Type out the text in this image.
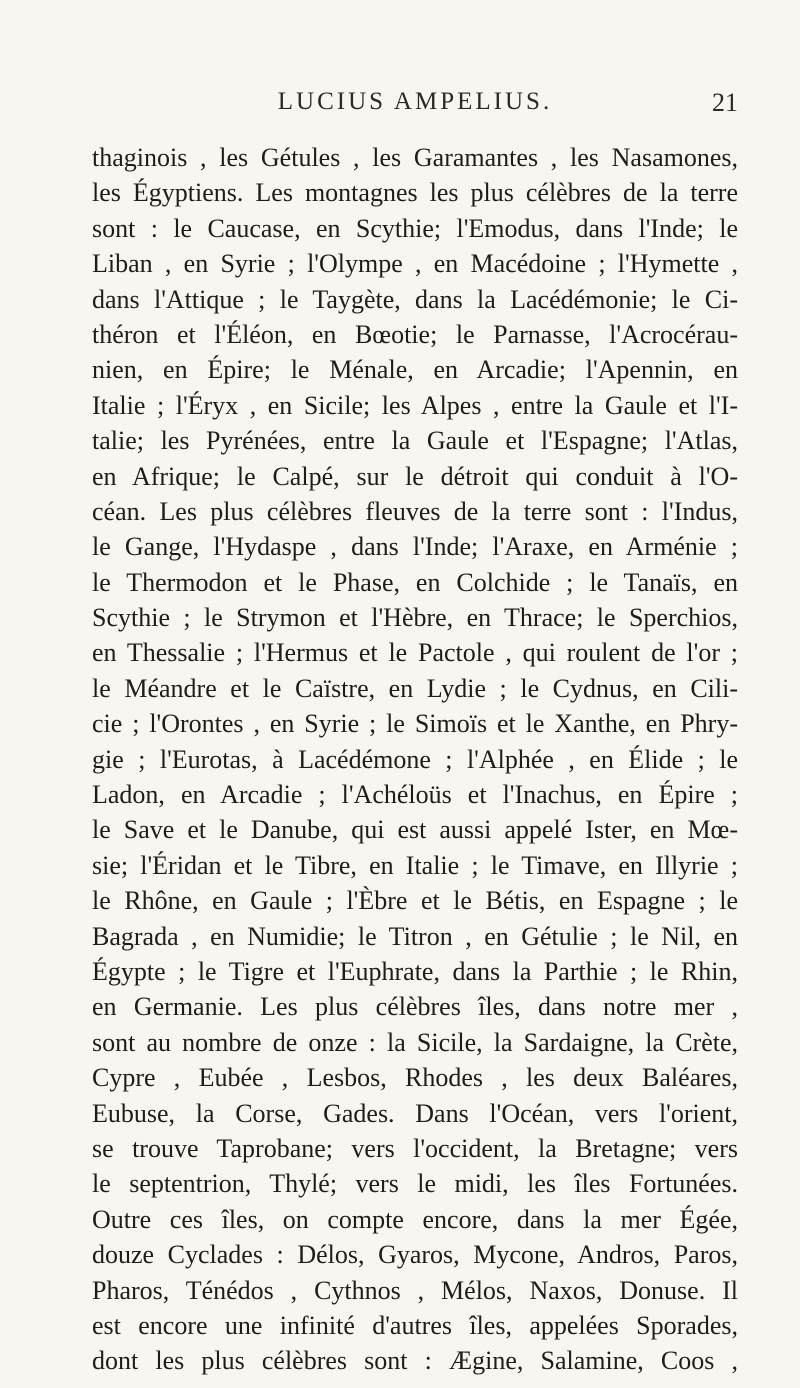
LUCIUS AMPELIUS.	21
thaginois , les Gétules , les Garamantes , les Nasamones,
les Égyptiens. Les montagnes les plus célèbres de la terre
sont : le Caucase, en Scythie; l'Emodus, dans l'Inde; le
Liban , en Syrie ; l'Olympe , en Macédoine ; l'Hymette ,
dans l'Attique ; le Taygète, dans la Lacédémonie; le Ci-
théron et l'Éléon, en Bœotie; le Parnasse, l'Acrocérau-
nien, en Épire; le Ménale, en Arcadie; l'Apennin, en
Italie ; l'Éryx , en Sicile; les Alpes , entre la Gaule et l'I-
talie; les Pyrénées, entre la Gaule et l'Espagne; l'Atlas,
en Afrique; le Calpé, sur le détroit qui conduit à l'O-
céan. Les plus célèbres fleuves de la terre sont : l'Indus,
le Gange, l'Hydaspe , dans l'Inde; l'Araxe, en Arménie ;
le Thermodon et le Phase, en Colchide ; le Tanaïs, en
Scythie ; le Strymon et l'Hèbre, en Thrace; le Sperchios,
en Thessalie ; l'Hermus et le Pactole , qui roulent de l'or ;
le Méandre et le Caïstre, en Lydie ; le Cydnus, en Cili-
cie ; l'Orontes , en Syrie ; le Simoïs et le Xanthe, en Phry-
gie ; l'Eurotas, à Lacédémone ; l'Alphée , en Élide ; le
Ladon, en Arcadie ; l'Achéloüs et l'Inachus, en Épire ;
le Save et le Danube, qui est aussi appelé Ister, en Mœ-
sie; l'Éridan et le Tibre, en Italie ; le Timave, en Illyrie ;
le Rhône, en Gaule ; l'Èbre et le Bétis, en Espagne ; le
Bagrada , en Numidie; le Titron , en Gétulie ; le Nil, en
Égypte ; le Tigre et l'Euphrate, dans la Parthie ; le Rhin,
en Germanie. Les plus célèbres îles, dans notre mer ,
sont au nombre de onze : la Sicile, la Sardaigne, la Crète,
Cypre , Eubée , Lesbos, Rhodes , les deux Baléares,
Eubuse, la Corse, Gades. Dans l'Océan, vers l'orient,
se trouve Taprobane; vers l'occident, la Bretagne; vers
le septentrion, Thylé; vers le midi, les îles Fortunées.
Outre ces îles, on compte encore, dans la mer Égée,
douze Cyclades : Délos, Gyaros, Mycone, Andros, Paros,
Pharos, Ténédos , Cythnos , Mélos, Naxos, Donuse. Il
est encore une infinité d'autres îles, appelées Sporades,
dont les plus célèbres sont : Ægine, Salamine, Coos ,
